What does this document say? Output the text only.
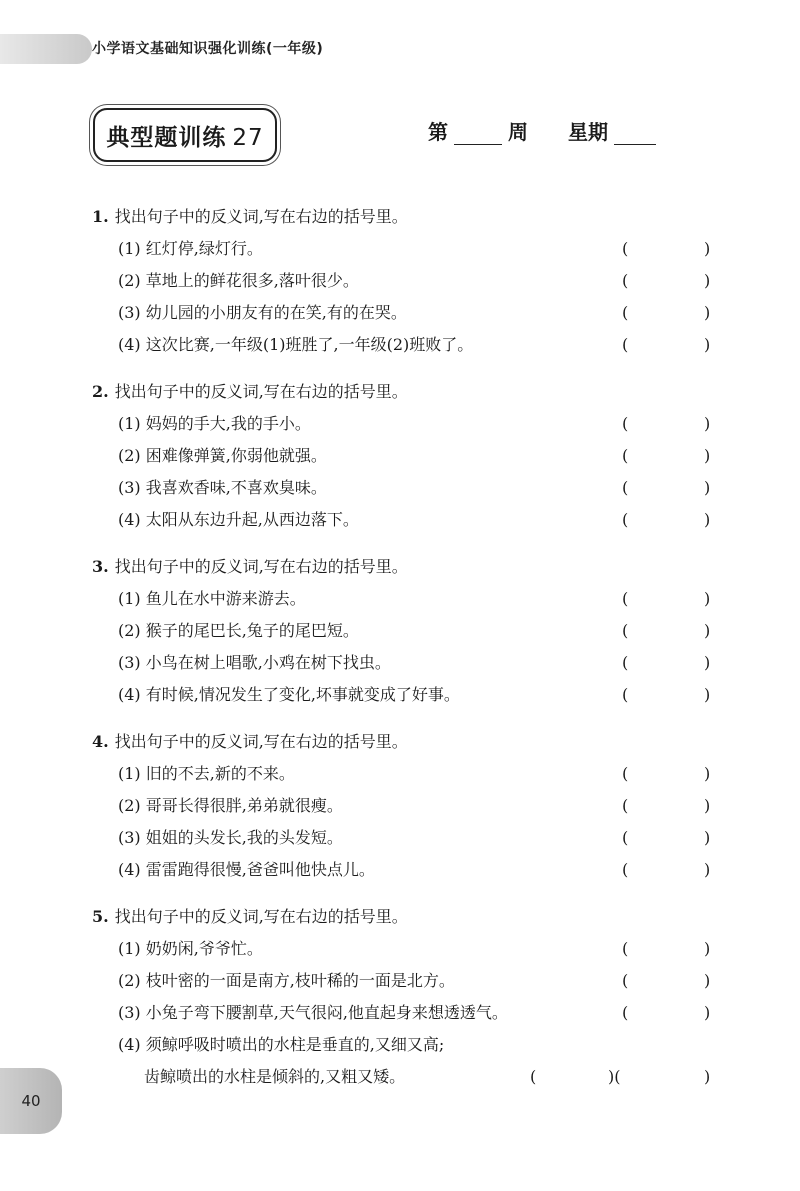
小学语文基础知识强化训练(一年级)
典型题训练 27	第	周 星期
1. 找出句子中的反义词,写在右边的括号里。
(1) 红灯停,绿灯行。	(	)
(2) 草地上的鲜花很多,落叶很少。	(	)
(3) 幼儿园的小朋友有的在笑,有的在哭。	(	)
(4) 这次比赛,一年级(1)班胜了,一年级(2)班败了。	(	)
2. 找出句子中的反义词,写在右边的括号里。
(1) 妈妈的手大,我的手小。	(	)
(2) 困难像弹簧,你弱他就强。	(	)
(3) 我喜欢香味,不喜欢臭味。	(	)
(4) 太阳从东边升起,从西边落下。	(	)
3. 找出句子中的反义词,写在右边的括号里。
(1) 鱼儿在水中游来游去。	(	)
(2) 猴子的尾巴长,兔子的尾巴短。	(	)
(3) 小鸟在树上唱歌,小鸡在树下找虫。	(	)
(4) 有时候,情况发生了变化,坏事就变成了好事。	(	)
4. 找出句子中的反义词,写在右边的括号里。
(1) 旧的不去,新的不来。	(	)
(2) 哥哥长得很胖,弟弟就很瘦。	(	)
(3) 姐姐的头发长,我的头发短。	(	)
(4) 雷雷跑得很慢,爸爸叫他快点儿。	(	)
5. 找出句子中的反义词,写在右边的括号里。
(1) 奶奶闲,爷爷忙。	(	)
(2) 枝叶密的一面是南方,枝叶稀的一面是北方。	(	)
(3) 小兔子弯下腰割草,天气很闷,他直起身来想透透气。	(	)
(4) 须鲸呼吸时喷出的水柱是垂直的,又细又高;
齿鲸喷出的水柱是倾斜的,又粗又矮。	(	)(	)
40
